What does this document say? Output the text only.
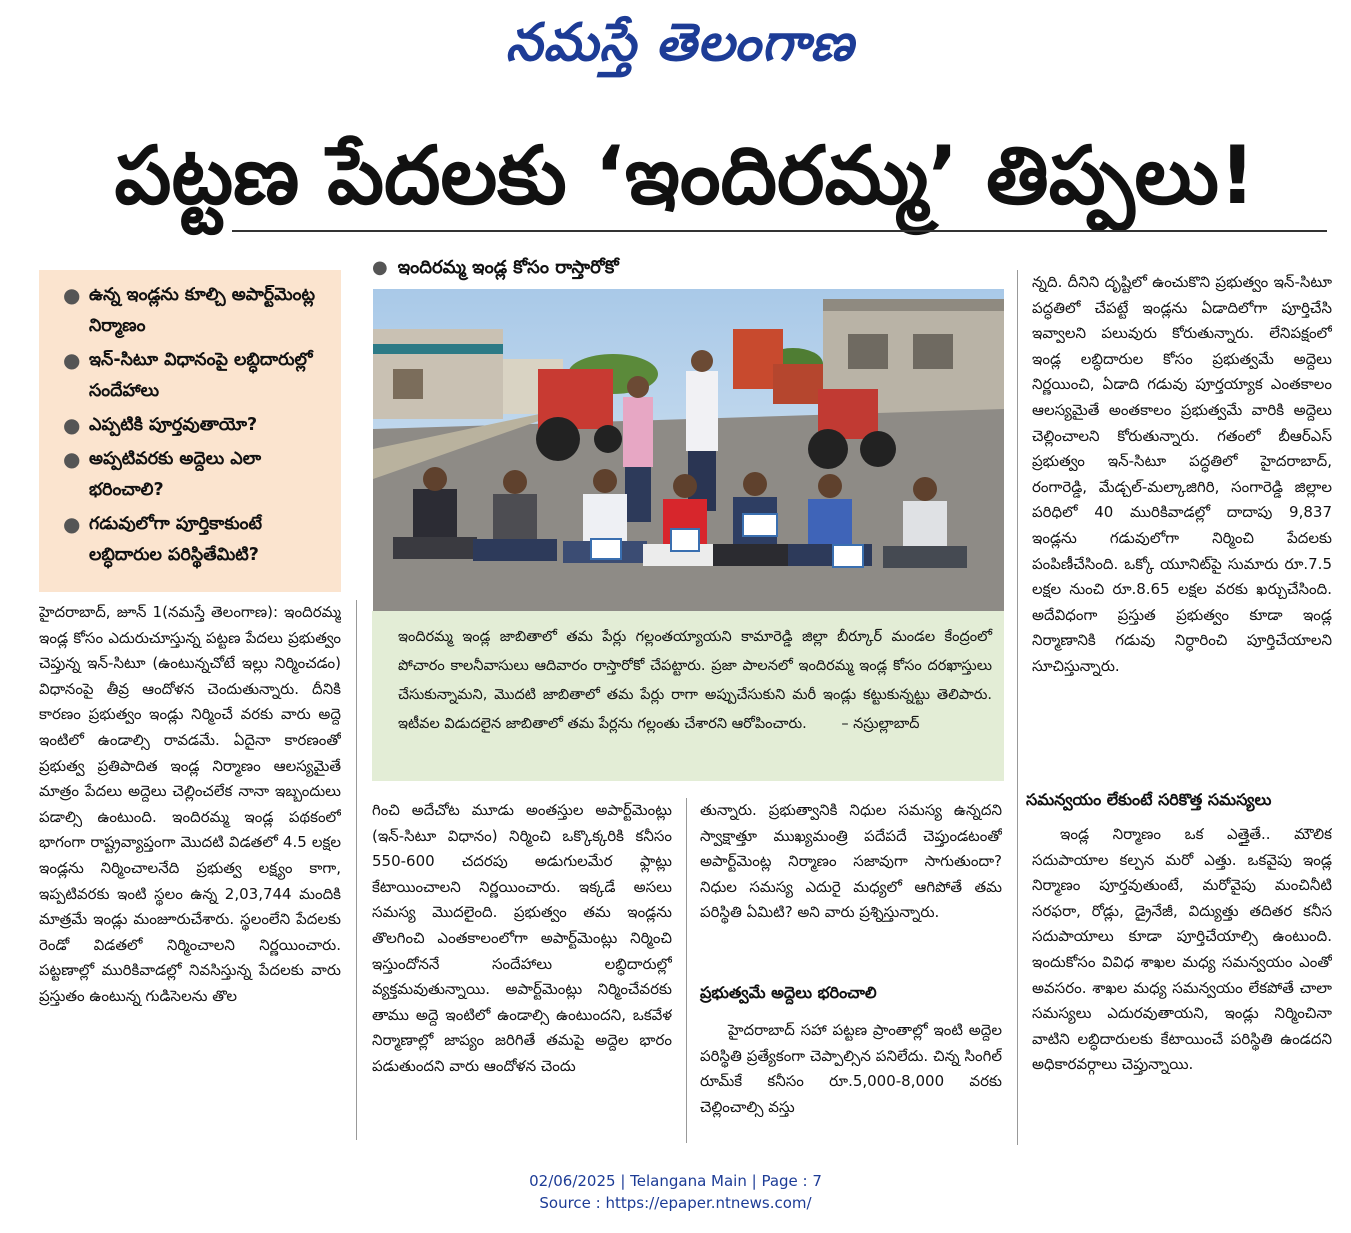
నమస్తే తెలంగాణ
పట్టణ పేదలకు ‘ఇందిరమ్మ’ తిప్పలు!
● ఉన్న ఇండ్లను కూల్చి అపార్ట్‌మెంట్ల నిర్మాణం
● ఇన్-సిటూ విధానంపై లబ్ధిదారుల్లో సందేహాలు
● ఎప్పటికి పూర్తవుతాయో?
● అప్పటివరకు అద్దెలు ఎలా భరించాలి?
● గడువులోగా పూర్తికాకుంటే లబ్ధిదారుల పరిస్థితేమిటి?

హైదరాబాద్, జూన్ 1(నమస్తే తెలంగాణ): ఇందిరమ్మ ఇండ్ల కోసం ఎదురుచూస్తున్న పట్టణ పేదలు ప్రభుత్వం చెప్తున్న ఇన్-సిటూ (ఉంటున్నచోటే ఇల్లు నిర్మించడం) విధానంపై తీవ్ర ఆందోళన చెందుతున్నారు. దీనికి కారణం ప్రభుత్వం ఇండ్లు నిర్మించే వరకు వారు అద్దె ఇంటిలో ఉండాల్సి రావడమే. ఏదైనా కారణంతో ప్రభుత్వ ప్రతిపాదిత ఇండ్ల నిర్మాణం ఆలస్యమైతే మాత్రం పేదలు అద్దెలు చెల్లించలేక నానా ఇబ్బందులు పడాల్సి ఉంటుంది. ఇందిరమ్మ ఇండ్ల పథకంలో భాగంగా రాష్ట్రవ్యాప్తంగా మొదటి విడతలో 4.5 లక్షల ఇండ్లను నిర్మించాలనేది ప్రభుత్వ లక్ష్యం కాగా, ఇప్పటివరకు ఇంటి స్థలం ఉన్న 2,03,744 మందికి మాత్రమే ఇండ్లు మంజూరుచేశారు. స్థలంలేని పేదలకు రెండో విడతలో నిర్మించాలని నిర్ణయించారు. పట్టణాల్లో మురికివాడల్లో నివసిస్తున్న పేదలకు వారు ప్రస్తుతం ఉంటున్న గుడిసెలను తొల

● ఇందిరమ్మ ఇండ్ల కోసం రాస్తారోకో
ఇందిరమ్మ ఇండ్ల జాబితాలో తమ పేర్లు గల్లంతయ్యాయని కామారెడ్డి జిల్లా బీర్కూర్ మండల కేంద్రంలో పోచారం కాలనీవాసులు ఆదివారం రాస్తారోకో చేపట్టారు. ప్రజా పాలనలో ఇందిరమ్మ ఇండ్ల కోసం దరఖాస్తులు చేసుకున్నామని, మొదటి జాబితాలో తమ పేర్లు రాగా అప్పుచేసుకుని మరీ ఇండ్లు కట్టుకున్నట్టు తెలిపారు. ఇటీవల విడుదలైన జాబితాలో తమ పేర్లను గల్లంతు చేశారని ఆరోపించారు. – నస్రుల్లాబాద్

గించి అదేచోట మూడు అంతస్తుల అపార్ట్‌మెంట్లు (ఇన్-సిటూ విధానం) నిర్మించి ఒక్కొక్కరికి కనీసం 550-600 చదరపు అడుగులమేర ఫ్లాట్లు కేటాయించాలని నిర్ణయించారు. ఇక్కడే అసలు సమస్య మొదలైంది. ప్రభుత్వం తమ ఇండ్లను తొలగించి ఎంతకాలంలోగా అపార్ట్‌మెంట్లు నిర్మించి ఇస్తుందోననే సందేహాలు లబ్ధిదారుల్లో వ్యక్తమవుతున్నాయి. అపార్ట్‌మెంట్లు నిర్మించేవరకు తాము అద్దె ఇంటిలో ఉండాల్సి ఉంటుందని, ఒకవేళ నిర్మాణాల్లో జాప్యం జరిగితే తమపై అద్దెల భారం పడుతుందని వారు ఆందోళన చెందు

తున్నారు. ప్రభుత్వానికి నిధుల సమస్య ఉన్నదని స్వాక్షాత్తూ ముఖ్యమంత్రి పదేపదే చెప్తుండటంతో అపార్ట్‌మెంట్ల నిర్మాణం సజావుగా సాగుతుందా? నిధుల సమస్య ఎదురై మధ్యలో ఆగిపోతే తమ పరిస్థితి ఏమిటి? అని వారు ప్రశ్నిస్తున్నారు.

ప్రభుత్వమే అద్దెలు భరించాలి

హైదరాబాద్ సహా పట్టణ ప్రాంతాల్లో ఇంటి అద్దెల పరిస్థితి ప్రత్యేకంగా చెప్పాల్సిన పనిలేదు. చిన్న సింగిల్ రూమ్‌కే కనీసం రూ.5,000-8,000 వరకు చెల్లించాల్సి వస్తు

న్నది. దీనిని దృష్టిలో ఉంచుకొని ప్రభుత్వం ఇన్-సిటూ పద్ధతిలో చేపట్టే ఇండ్లను ఏడాదిలోగా పూర్తిచేసి ఇవ్వాలని పలువురు కోరుతున్నారు. లేనిపక్షంలో ఇండ్ల లబ్ధిదారుల కోసం ప్రభుత్వమే అద్దెలు నిర్ణయించి, ఏడాది గడువు పూర్తయ్యాక ఎంతకాలం ఆలస్యమైతే అంతకాలం ప్రభుత్వమే వారికి అద్దెలు చెల్లించాలని కోరుతున్నారు. గతంలో బీఆర్‌ఎస్ ప్రభుత్వం ఇన్-సిటూ పద్ధతిలో హైదరాబాద్, రంగారెడ్డి, మేడ్చల్-మల్కాజిగిరి, సంగారెడ్డి జిల్లాల పరిధిలో 40 మురికివాడల్లో దాదాపు 9,837 ఇండ్లను గడువులోగా నిర్మించి పేదలకు పంపిణీచేసింది. ఒక్కో యూనిట్‌పై సుమారు రూ.7.5 లక్షల నుంచి రూ.8.65 లక్షల వరకు ఖర్చుచేసింది. అదేవిధంగా ప్రస్తుత ప్రభుత్వం కూడా ఇండ్ల నిర్మాణానికి గడువు నిర్ధారించి పూర్తిచేయాలని సూచిస్తున్నారు.

సమన్వయం లేకుంటే సరికొత్త సమస్యలు

ఇండ్ల నిర్మాణం ఒక ఎత్తైతే.. మౌలిక సదుపాయాల కల్పన మరో ఎత్తు. ఒకవైపు ఇండ్ల నిర్మాణం పూర్తవుతుంటే, మరోవైపు మంచినీటి సరఫరా, రోడ్లు, డ్రైనేజీ, విద్యుత్తు తదితర కనీస సదుపాయాలు కూడా పూర్తిచేయాల్సి ఉంటుంది. ఇందుకోసం వివిధ శాఖల మధ్య సమన్వయం ఎంతో అవసరం. శాఖల మధ్య సమన్వయం లేకపోతే చాలా సమస్యలు ఎదురవుతాయని, ఇండ్లు నిర్మించినా వాటిని లబ్ధిదారులకు కేటాయించే పరిస్థితి ఉండదని అధికారవర్గాలు చెప్తున్నాయి.

02/06/2025 | Telangana Main | Page : 7
Source : https://epaper.ntnews.com/
